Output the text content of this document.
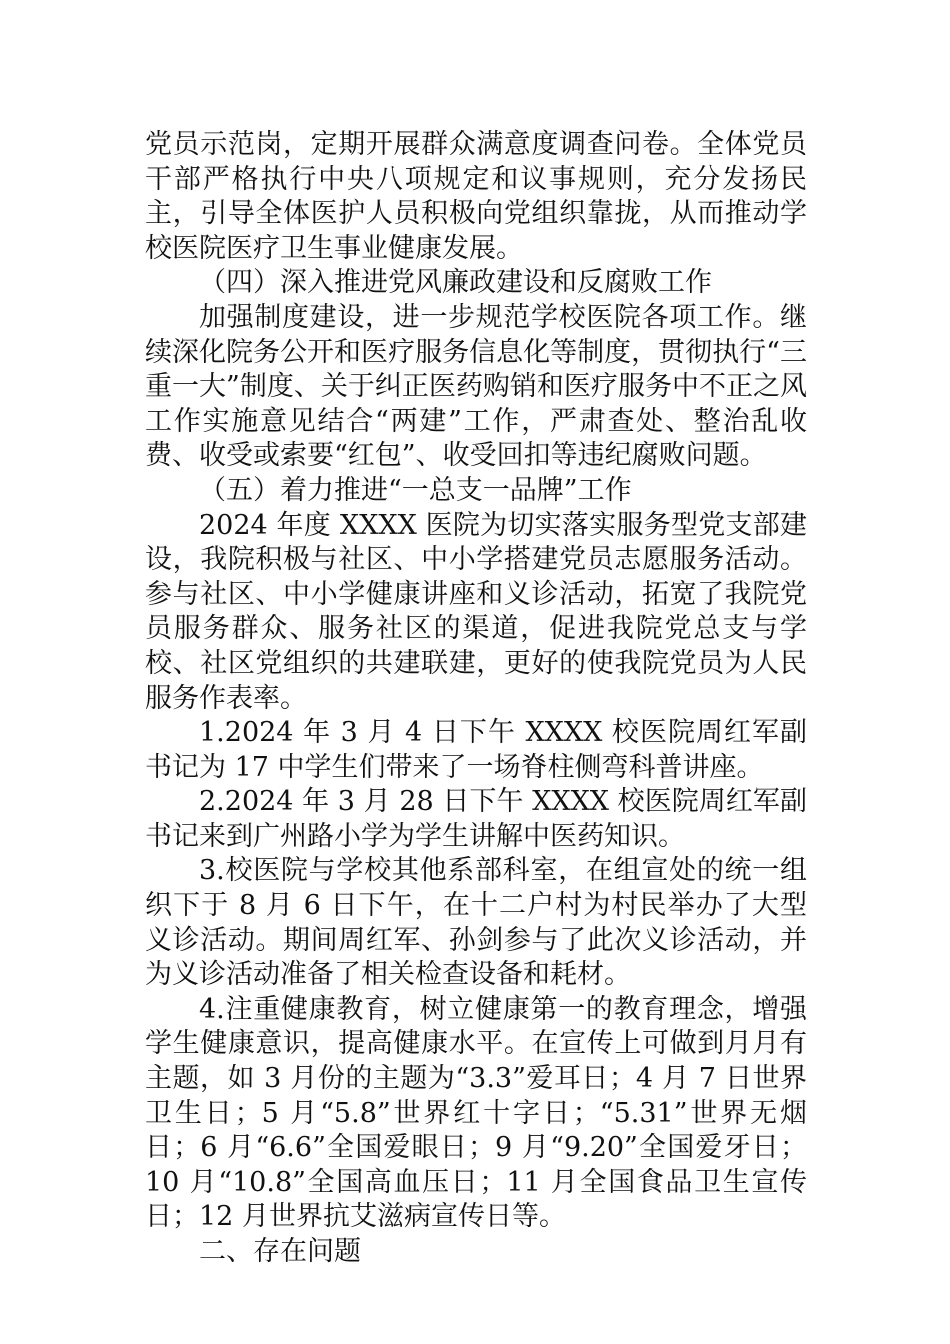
党员示范岗，定期开展群众满意度调查问卷。全体党员干部严格执行中央八项规定和议事规则，充分发扬民主，引导全体医护人员积极向党组织靠拢，从而推动学校医院医疗卫生事业健康发展。

（四）深入推进党风廉政建设和反腐败工作

加强制度建设，进一步规范学校医院各项工作。继续深化院务公开和医疗服务信息化等制度，贯彻执行“三重一大”制度、关于纠正医药购销和医疗服务中不正之风工作实施意见结合“两建”工作，严肃查处、整治乱收费、收受或索要“红包”、收受回扣等违纪腐败问题。

（五）着力推进“一总支一品牌”工作

2024 年度 XXXX 医院为切实落实服务型党支部建设，我院积极与社区、中小学搭建党员志愿服务活动。参与社区、中小学健康讲座和义诊活动，拓宽了我院党员服务群众、服务社区的渠道，促进我院党总支与学校、社区党组织的共建联建，更好的使我院党员为人民服务作表率。

1.2024 年 3 月 4 日下午 XXXX 校医院周红军副书记为 17 中学生们带来了一场脊柱侧弯科普讲座。

2.2024 年 3 月 28 日下午 XXXX 校医院周红军副书记来到广州路小学为学生讲解中医药知识。

3.校医院与学校其他系部科室，在组宣处的统一组织下于 8 月 6 日下午，在十二户村为村民举办了大型义诊活动。期间周红军、孙剑参与了此次义诊活动，并为义诊活动准备了相关检查设备和耗材。

4.注重健康教育，树立健康第一的教育理念，增强学生健康意识，提高健康水平。在宣传上可做到月月有主题，如 3 月份的主题为“3.3”爱耳日；4 月 7 日世界卫生日；5 月“5.8”世界红十字日；“5.31”世界无烟日；6 月“6.6”全国爱眼日；9 月“9.20”全国爱牙日；10 月“10.8”全国高血压日；11 月全国食品卫生宣传日；12 月世界抗艾滋病宣传日等。

二、存在问题
